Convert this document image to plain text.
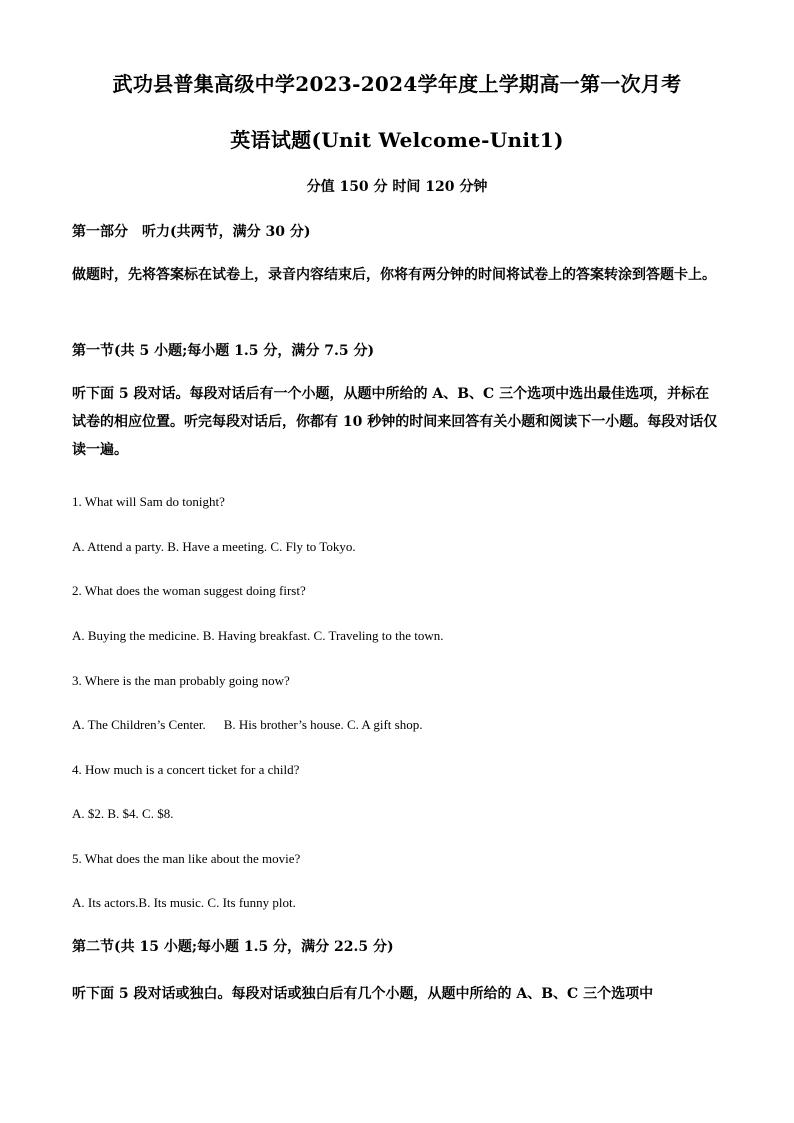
武功县普集高级中学2023-2024学年度上学期高一第一次月考
英语试题(Unit Welcome-Unit1)
分值 150 分 时间 120 分钟
第一部分 听力(共两节，满分 30 分)
做题时，先将答案标在试卷上，录音内容结束后，你将有两分钟的时间将试卷上的答案转涂到答题卡上。
第一节(共 5 小题;每小题 1.5 分，满分 7.5 分)
听下面 5 段对话。每段对话后有一个小题，从题中所给的 A、B、C 三个选项中选出最佳选项，并标在试卷的相应位置。听完每段对话后，你都有 10 秒钟的时间来回答有关小题和阅读下一小题。每段对话仅读一遍。
1. What will Sam do tonight?
A. Attend a party. B. Have a meeting. C. Fly to Tokyo.
2. What does the woman suggest doing first?
A. Buying the medicine. B. Having breakfast. C. Traveling to the town.
3. Where is the man probably going now?
A. The Children’s Center. B. His brother’s house. C. A gift shop.
4. How much is a concert ticket for a child?
A. $2. B. $4. C. $8.
5. What does the man like about the movie?
A. Its actors.B. Its music. C. Its funny plot.
第二节(共 15 小题;每小题 1.5 分，满分 22.5 分)
听下面 5 段对话或独白。每段对话或独白后有几个小题，从题中所给的 A、B、C 三个选项中
